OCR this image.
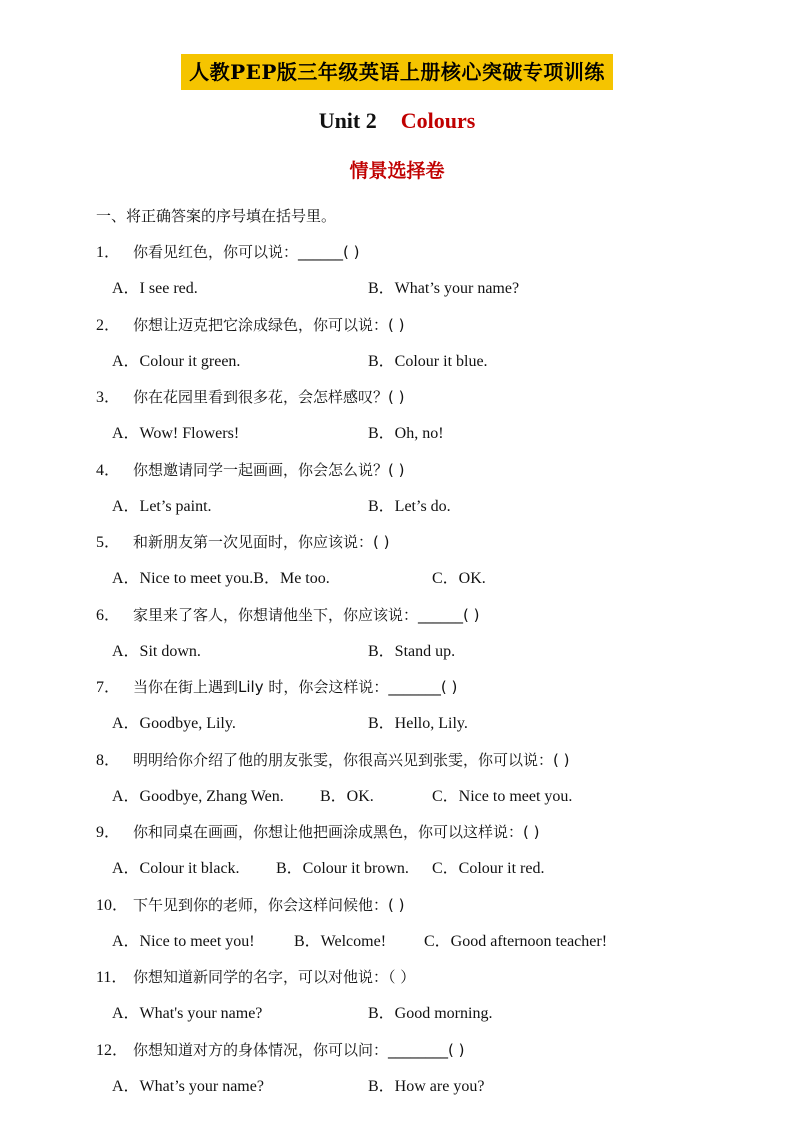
人教PEP版三年级英语上册核心突破专项训练
Unit 2 Colours
情景选择卷
一、将正确答案的序号填在括号里。
1． 你看见红色，你可以说：______( )
A．I see red.	B．What’s your name?
2． 你想让迈克把它涂成绿色，你可以说：( )
A．Colour it green.	B．Colour it blue.
3． 你在花园里看到很多花，会怎样感叹？( )
A．Wow! Flowers!	B．Oh, no!
4． 你想邀请同学一起画画，你会怎么说？( )
A．Let’s paint.	B．Let’s do.
5． 和新朋友第一次见面时，你应该说：( )
A．Nice to meet you.B．Me too.	C．OK.
6． 家里来了客人，你想请他坐下，你应该说：______( )
A．Sit down.	B．Stand up.
7． 当你在街上遇到Lily 时，你会这样说：_______( )
A．Goodbye, Lily.	B．Hello, Lily.
8． 明明给你介绍了他的朋友张雯，你很高兴见到张雯，你可以说：( )
A．Goodbye, Zhang Wen. B．OK.	C．Nice to meet you.
9． 你和同桌在画画，你想让他把画涂成黑色，你可以这样说：( )
A．Colour it black. B．Colour it brown. C．Colour it red.
10． 下午见到你的老师，你会这样问候他：( )
A．Nice to meet you! B．Welcome! C．Good afternoon teacher!
11． 你想知道新同学的名字，可以对他说：（ ）
A．What's your name?	B．Good morning.
12． 你想知道对方的身体情况，你可以问：________( )
A．What’s your name?	B．How are you?
